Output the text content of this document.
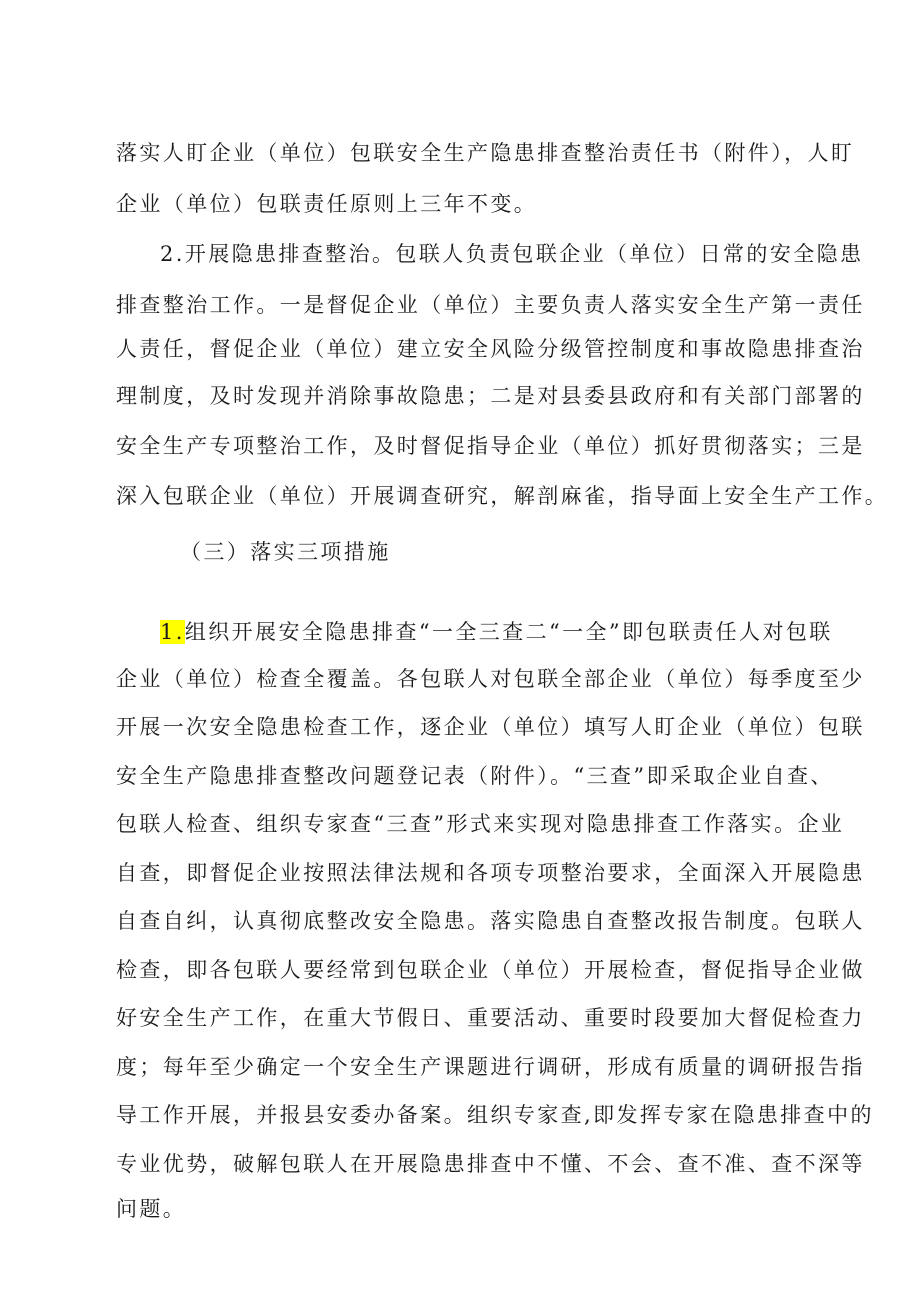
落实人盯企业（单位）包联安全生产隐患排查整治责任书（附件），人盯
企业（单位）包联责任原则上三年不变。
2.开展隐患排查整治。包联人负责包联企业（单位）日常的安全隐患
排查整治工作。一是督促企业（单位）主要负责人落实安全生产第一责任
人责任，督促企业（单位）建立安全风险分级管控制度和事故隐患排查治
理制度，及时发现并消除事故隐患；二是对县委县政府和有关部门部署的
安全生产专项整治工作，及时督促指导企业（单位）抓好贯彻落实；三是
深入包联企业（单位）开展调查研究，解剖麻雀，指导面上安全生产工作。
（三）落实三项措施
1.组织开展安全隐患排查“一全三查二“一全”即包联责任人对包联
企业（单位）检查全覆盖。各包联人对包联全部企业（单位）每季度至少
开展一次安全隐患检查工作，逐企业（单位）填写人盯企业（单位）包联
安全生产隐患排查整改问题登记表（附件）。“三查”即采取企业自查、
包联人检查、组织专家查“三查”形式来实现对隐患排查工作落实。企业
自查，即督促企业按照法律法规和各项专项整治要求，全面深入开展隐患
自查自纠，认真彻底整改安全隐患。落实隐患自查整改报告制度。包联人
检查，即各包联人要经常到包联企业（单位）开展检查，督促指导企业做
好安全生产工作，在重大节假日、重要活动、重要时段要加大督促检查力
度；每年至少确定一个安全生产课题进行调研，形成有质量的调研报告指
导工作开展，并报县安委办备案。组织专家查,即发挥专家在隐患排查中的
专业优势，破解包联人在开展隐患排查中不懂、不会、查不准、查不深等
问题。
